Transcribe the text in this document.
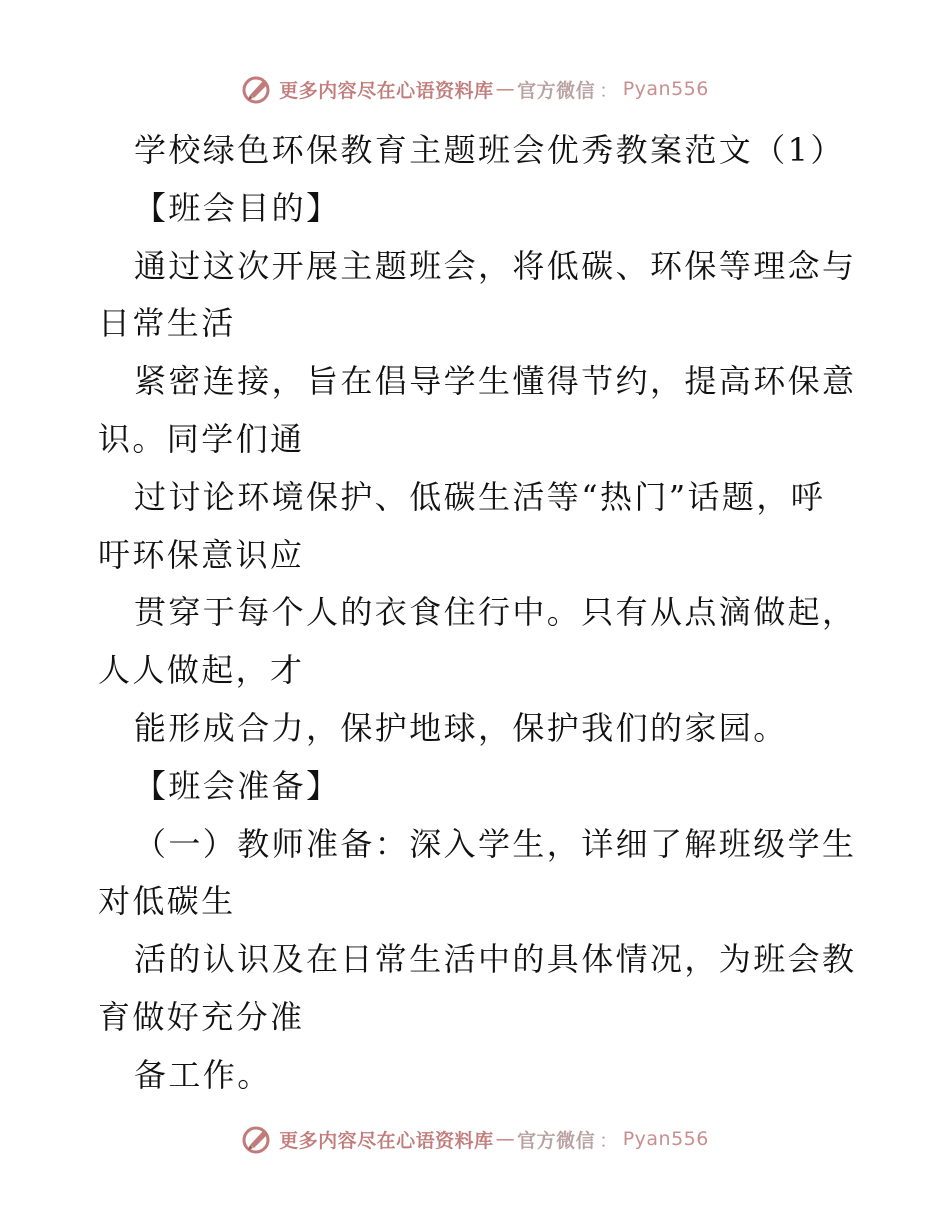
更多内容尽在心语资料库 — 官方微信 ： Pyan556
学校绿色环保教育主题班会优秀教案范文（1）
【班会目的】
通过这次开展主题班会，将低碳、环保等理念与
日常生活
紧密连接，旨在倡导学生懂得节约，提高环保意
识。同学们通
过讨论环境保护、低碳生活等“热门”话题，呼
吁环保意识应
贯穿于每个人的衣食住行中。只有从点滴做起，
人人做起，才
能形成合力，保护地球，保护我们的家园。
【班会准备】
（一）教师准备：深入学生，详细了解班级学生
对低碳生
活的认识及在日常生活中的具体情况，为班会教
育做好充分准
备工作。
更多内容尽在心语资料库 — 官方微信 ： Pyan556
